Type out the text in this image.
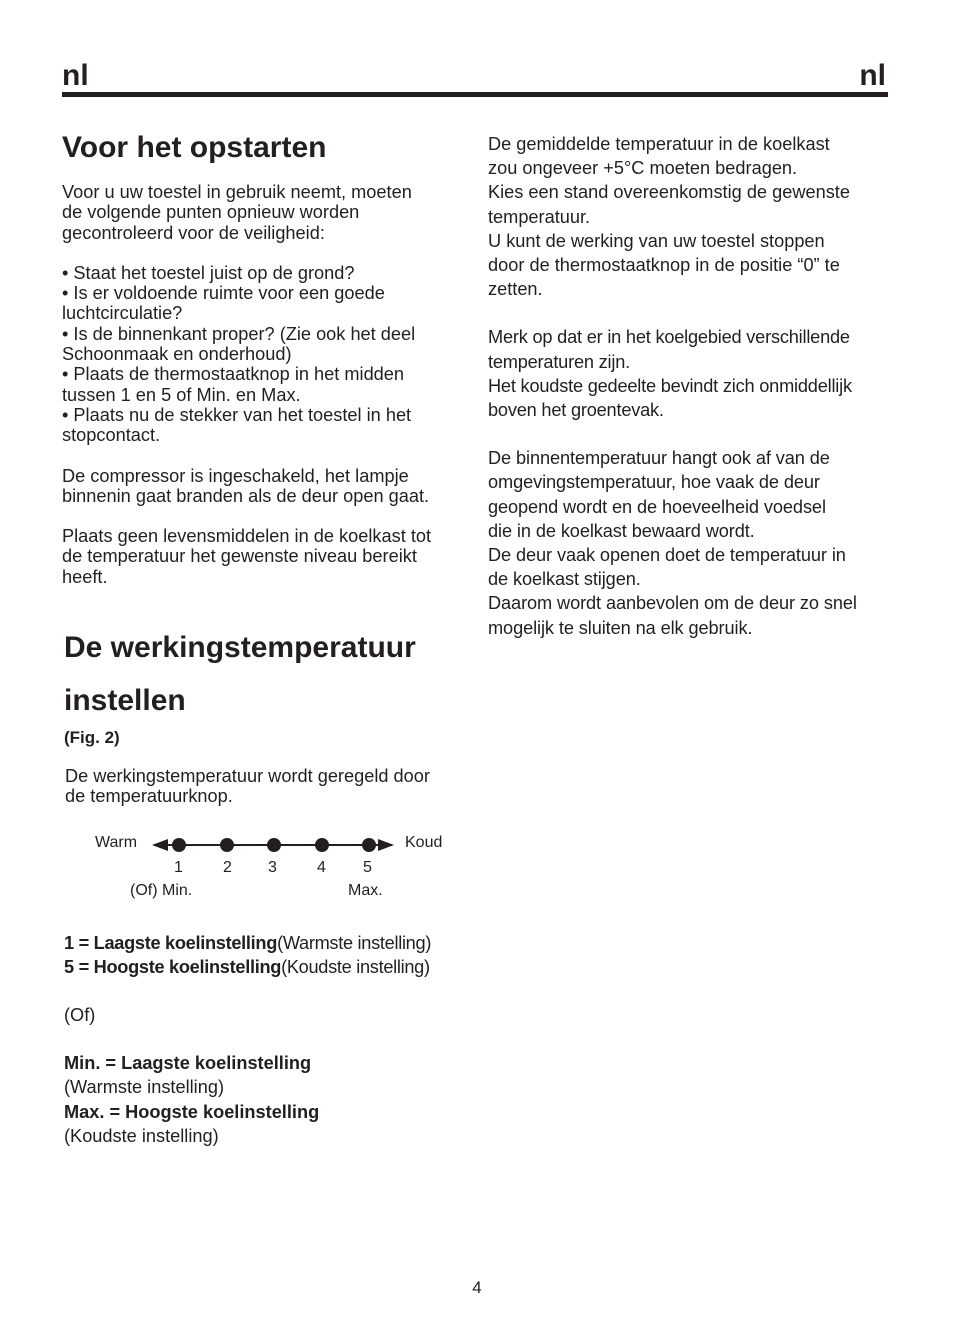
nl	nl
Voor het opstarten
Voor u uw toestel in gebruik neemt, moeten
de volgende punten opnieuw worden
gecontroleerd voor de veiligheid:
• Staat het toestel juist op de grond?
• Is er voldoende ruimte voor een goede
luchtcirculatie?
• Is de binnenkant proper? (Zie ook het deel
Schoonmaak en onderhoud)
• Plaats de thermostaatknop in het midden
tussen 1 en 5 of Min. en Max.
• Plaats nu de stekker van het toestel in het
stopcontact.
De compressor is ingeschakeld, het lampje
binnenin gaat branden als de deur open gaat.
Plaats geen levensmiddelen in de koelkast tot
de temperatuur het gewenste niveau bereikt
heeft.
De werkingstemperatuur
instellen
(Fig. 2)
De werkingstemperatuur wordt geregeld door
de temperatuurknop.
Warm	Koud
1	2 3	4 5
(Of) Min.	Max.
1 = Laagste koelinstelling(Warmste instelling)
5 = Hoogste koelinstelling(Koudste instelling)
(Of)
Min. = Laagste koelinstelling
(Warmste instelling)
Max. = Hoogste koelinstelling
(Koudste instelling)
De gemiddelde temperatuur in de koelkast
zou ongeveer +5°C moeten bedragen.
Kies een stand overeenkomstig de gewenste
temperatuur.
U kunt de werking van uw toestel stoppen
door de thermostaatknop in de positie “0” te
zetten.
Merk op dat er in het koelgebied verschillende
temperaturen zijn.
Het koudste gedeelte bevindt zich onmiddellijk
boven het groentevak.
De binnentemperatuur hangt ook af van de
omgevingstemperatuur, hoe vaak de deur
geopend wordt en de hoeveelheid voedsel
die in de koelkast bewaard wordt.
De deur vaak openen doet de temperatuur in
de koelkast stijgen.
Daarom wordt aanbevolen om de deur zo snel
mogelijk te sluiten na elk gebruik.
4
